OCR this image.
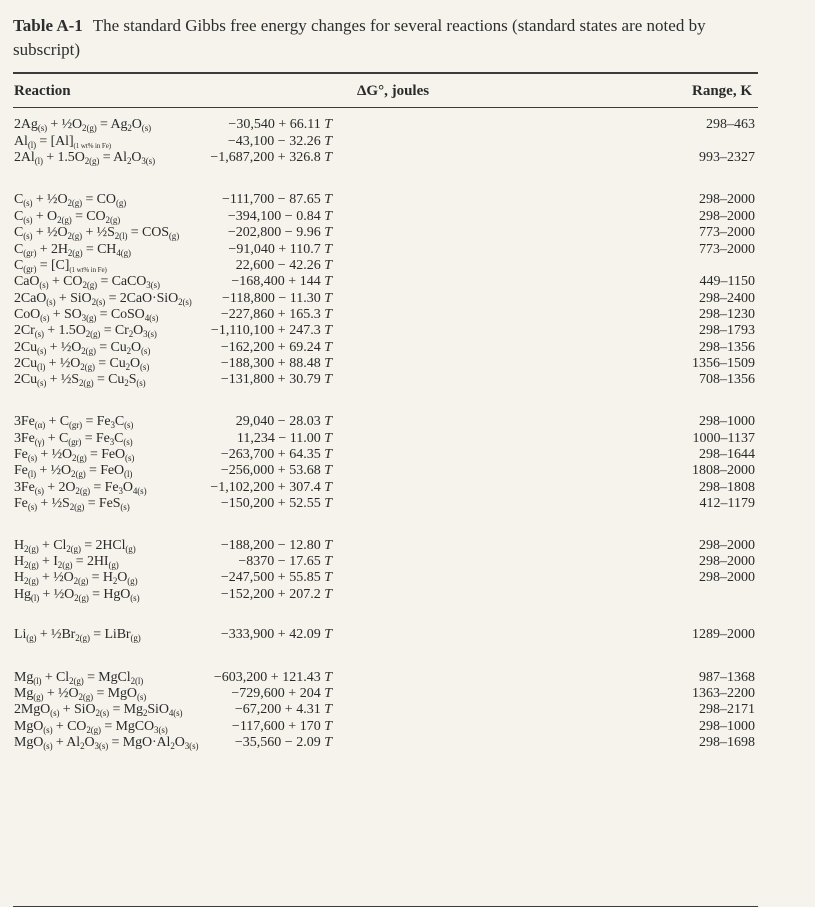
Table A-1 The standard Gibbs free energy changes for several reactions (standard states are noted by subscript)
Reaction	ΔG°, joules	Range, K
$2Ag_{(s)}$ + $\frac{1}{2}O_{2(g)} = Ag_2O_{(s)}$	−30,540 + 66.11 T	298–463
$Al_{(l)} = [Al]_{(1 wt\% in Fe)}$	−43,100 − 32.26 T
$2Al_{(l)} + 1.5O_{2(g)} = Al_2O_{3(s)}$	−1,687,200 + 326.8 T	993–2327
$C_{(s)}$ + $\frac{1}{2}O_{2(g)} = CO_{(g)}$	−111,700 − 87.65 T	298–2000
$C_{(s)} + O_{2(g)} = CO_{2(g)}$	−394,100 − 0.84 T	298–2000
$C_{(s)}$ + $\frac{1}{2}O_{2(g)}$ + $\frac{1}{2}S_{2(l)} = COS_{(g)}$	−202,800 − 9.96 T	773–2000
$C_{(gr)} + 2H_{2(g)} = CH_{4(g)}$	−91,040 + 110.7 T	773–2000
$C_{(gr)} = [C]_{(1 wt\% in Fe)}$	22,600 − 42.26 T
$CaO_{(s)} + CO_{2(g)}$ = CaCO$_{3(s)}$	−168,400 + 144 T	449–1150
2CaO$_{(s)}$ + SiO$_{2(s)}$ = 2CaO·SiO$_{2(s)}$ −118,800 − 11.30 T	298–2400
$CoO_{(s)} + SO_{3(g)}$ = CoSO$_{4(s)}$	−227,860 + 165.3 T	298–1230
$2Cr_{(s)} + 1.5O_{2(g)} = Cr_2O_{3(s)}$	−1,110,100 + 247.3 T	298–1793
$2Cu_{(s)}$ + $\frac{1}{2}O_{2(g)} = Cu_2O_{(s)}$	−162,200 + 69.24 T	298–1356
$2Cu_{(l)}$ + $\frac{1}{2}O_{2(g)} = Cu_2O_{(s)}$	−188,300 + 88.48 T	1356–1509
$2Cu_{(s)}$ + $\frac{1}{2}S_{2(g)} = Cu_2S_{(s)}$	−131,800 + 30.79 T	708–1356
$3Fe_{(\alpha)} + C_{(gr)} = Fe_3C_{(s)}$	29,040 − 28.03 T	298–1000
$3Fe_{(\gamma)} + C_{(gr)} = Fe_3C_{(s)}$	11,234 − 11.00 T	1000–1137
$Fe_{(s)}$ + $\frac{1}{2}O_{2(g)} = FeO_{(s)}$	−263,700 + 64.35 T	298–1644
$Fe_{(l)}$ + $\frac{1}{2}O_{2(g)} = FeO_{(l)}$	−256,000 + 53.68 T	1808–2000
$3Fe_{(s)} + 2O_{2(g)} = Fe_3O_{4(s)}$	−1,102,200 + 307.4 T	298–1808
$Fe_{(s)}$ + $\frac{1}{2}S_{2(g)} = FeS_{(s)}$	−150,200 + 52.55 T	412–1179
$H_{2(g)} + Cl_{2(g)} = 2HCl_{(g)}$	−188,200 − 12.80 T	298–2000
$H_{2(g)} + I_{2(g)} = 2HI_{(g)}$	−8370 − 17.65 T	298–2000
$H_{2(g)}$ + $\frac{1}{2}O_{2(g)} = H_2O_{(g)}$	−247,500 + 55.85 T	298–2000
$Hg_{(l)}$ + $\frac{1}{2}O_{2(g)} = HgO_{(s)}$	−152,200 + 207.2 T
$Li_{(g)}$ + $\frac{1}{2}Br_{2(g)}$ = LiBr$_{(g)}$	−333,900 + 42.09 T	1289–2000
$Mg_{(l)} + Cl_{2(g)}$ = MgCl$_{2(l)}$	−603,200 + 121.43 T	987–1368
$Mg_{(g)}$ + $\frac{1}{2}O_{2(g)} = MgO_{(s)}$	−729,600 + 204 T	1363–2200
$2MgO_{(s)} + SiO_{2(s)} = Mg_2SiO_{4(s)}$	−67,200 + 4.31 T	298–2171
$MgO_{(s)} + CO_{2(g)}$ = MgCO$_{3(s)}$	−117,600 + 170 T	298–1000
$MgO_{(s)} + Al_2O_{3(s)} = MgO\cdot Al_2O_{3(s)}$	−35,560 − 2.09 T	298–1698
